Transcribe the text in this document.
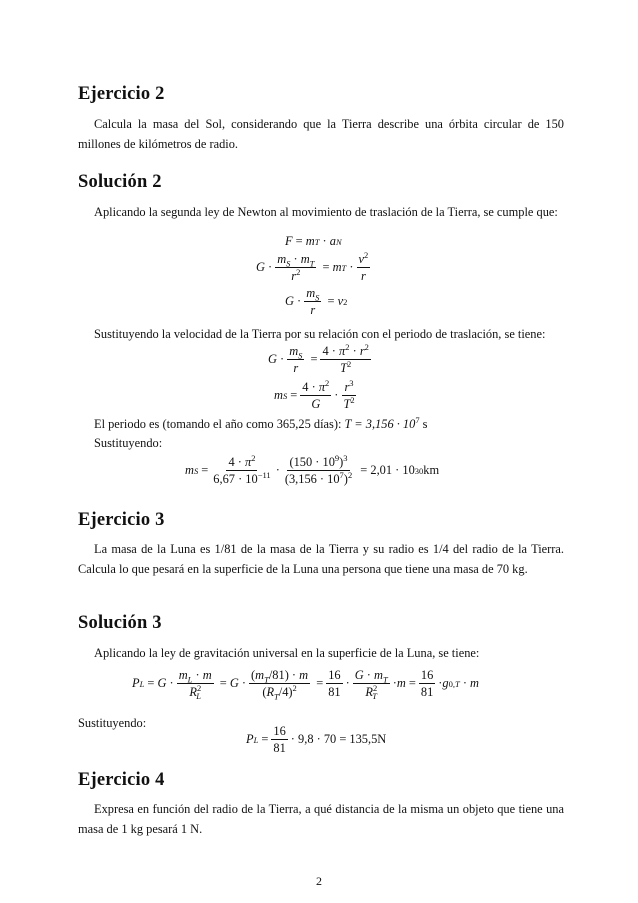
Ejercicio 2
Calcula la masa del Sol, considerando que la Tierra describe una órbita circular de 150 millones de kilómetros de radio.
Solución 2
Aplicando la segunda ley de Newton al movimiento de traslación de la Tierra, se cumple que:
F = m T · a N
$G \cdot \frac{m_S \cdot m_T}{r^2} = m$ $T \cdot \frac{v^2}{r}$
$G \cdot \frac{m_S}{r} = v$ 2
Sustituyendo la velocidad de la Tierra por su relación con el periodo de traslación, se tiene:
$G \cdot \frac{m_S}{r} = \frac{4 \cdot \pi^2 \cdot r^2}{T^2}$
m $S = \frac{4 \cdot \pi^2}{G} \cdot \frac{r^3}{T^2}$
El periodo es (tomando el año como 365,25 días): $T = 3,156 \cdot 10^7$ s
Sustituyendo:
m $S = \frac{4 \cdot \pi^2}{6,67 \cdot 10^{-11}} \cdot \frac{(150 \cdot 10^9)^3}{(3,156 \cdot 10^7)^2}$
= 2,01 · 10 30 km
Ejercicio 3
La masa de la Luna es 1/81 de la masa de la Tierra y su radio es 1/4 del radio de la Tierra. Calcula lo que pesará en la superficie de la Luna una persona que tiene una masa de 70 kg.
Solución 3
Aplicando la ley de gravitación universal en la superficie de la Luna, se tiene:
P $L = G \cdot \frac{m_L \cdot m}{R^2_L} = G \cdot \frac{(m_T/81) \cdot m}{(R_T/4)^2} = \frac{16}{81} \cdot \frac{G \cdot m_T}{R^2_T} \cdot m = \frac{16}{81} \cdot g$ 0,T · m
Sustituyendo:
P $L = \frac{16}{81} \cdot 9,8 \cdot 70 = 135,5N$
Ejercicio 4
Expresa en función del radio de la Tierra, a qué distancia de la misma un objeto que tiene una masa de 1 kg pesará 1 N.
2
